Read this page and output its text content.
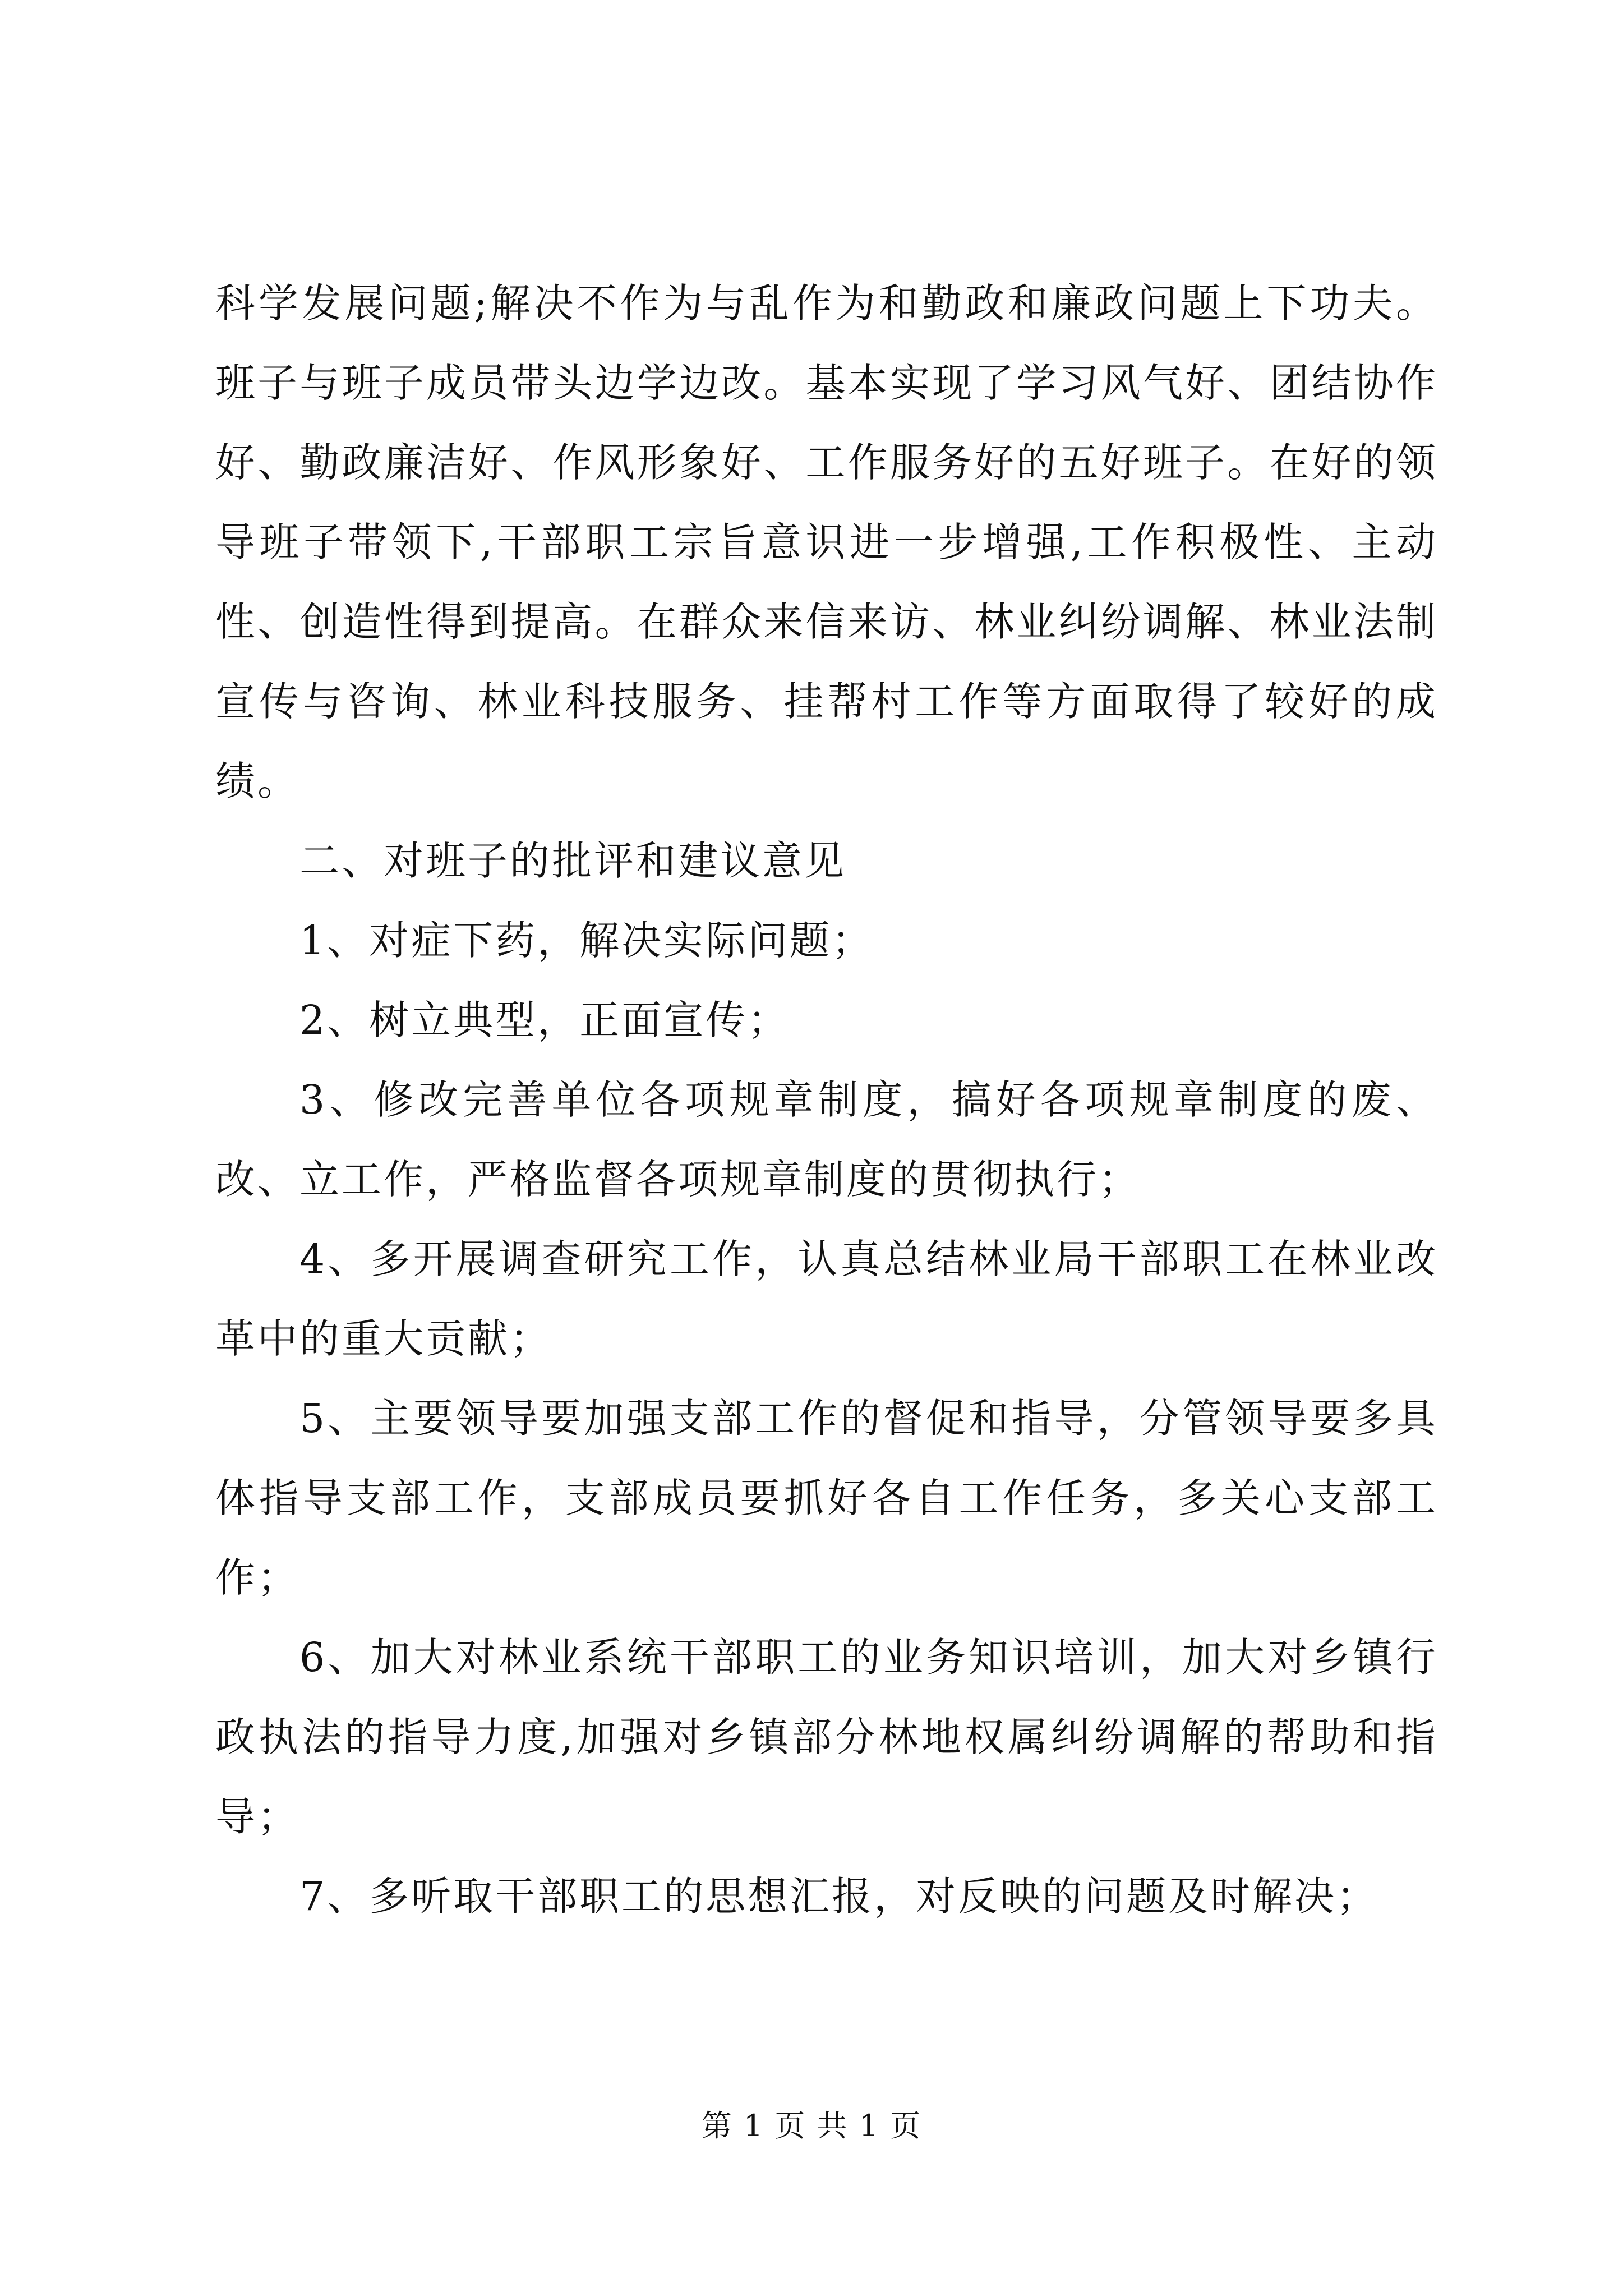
科学发展问题;解决不作为与乱作为和勤政和廉政问题上下功夫。班子与班子成员带头边学边改。基本实现了学习风气好、团结协作好、勤政廉洁好、作风形象好、工作服务好的五好班子。在好的领导班子带领下,干部职工宗旨意识进一步增强,工作积极性、主动性、创造性得到提高。在群众来信来访、林业纠纷调解、林业法制宣传与咨询、林业科技服务、挂帮村工作等方面取得了较好的成绩。

二、对班子的批评和建议意见

1、对症下药，解决实际问题；

2、树立典型，正面宣传；

3、修改完善单位各项规章制度，搞好各项规章制度的废、改、立工作，严格监督各项规章制度的贯彻执行；

4、多开展调查研究工作，认真总结林业局干部职工在林业改革中的重大贡献；

5、主要领导要加强支部工作的督促和指导，分管领导要多具体指导支部工作，支部成员要抓好各自工作任务，多关心支部工作；

6、加大对林业系统干部职工的业务知识培训，加大对乡镇行政执法的指导力度,加强对乡镇部分林地权属纠纷调解的帮助和指导；

7、多听取干部职工的思想汇报，对反映的问题及时解决；

第 1 页 共 1 页
